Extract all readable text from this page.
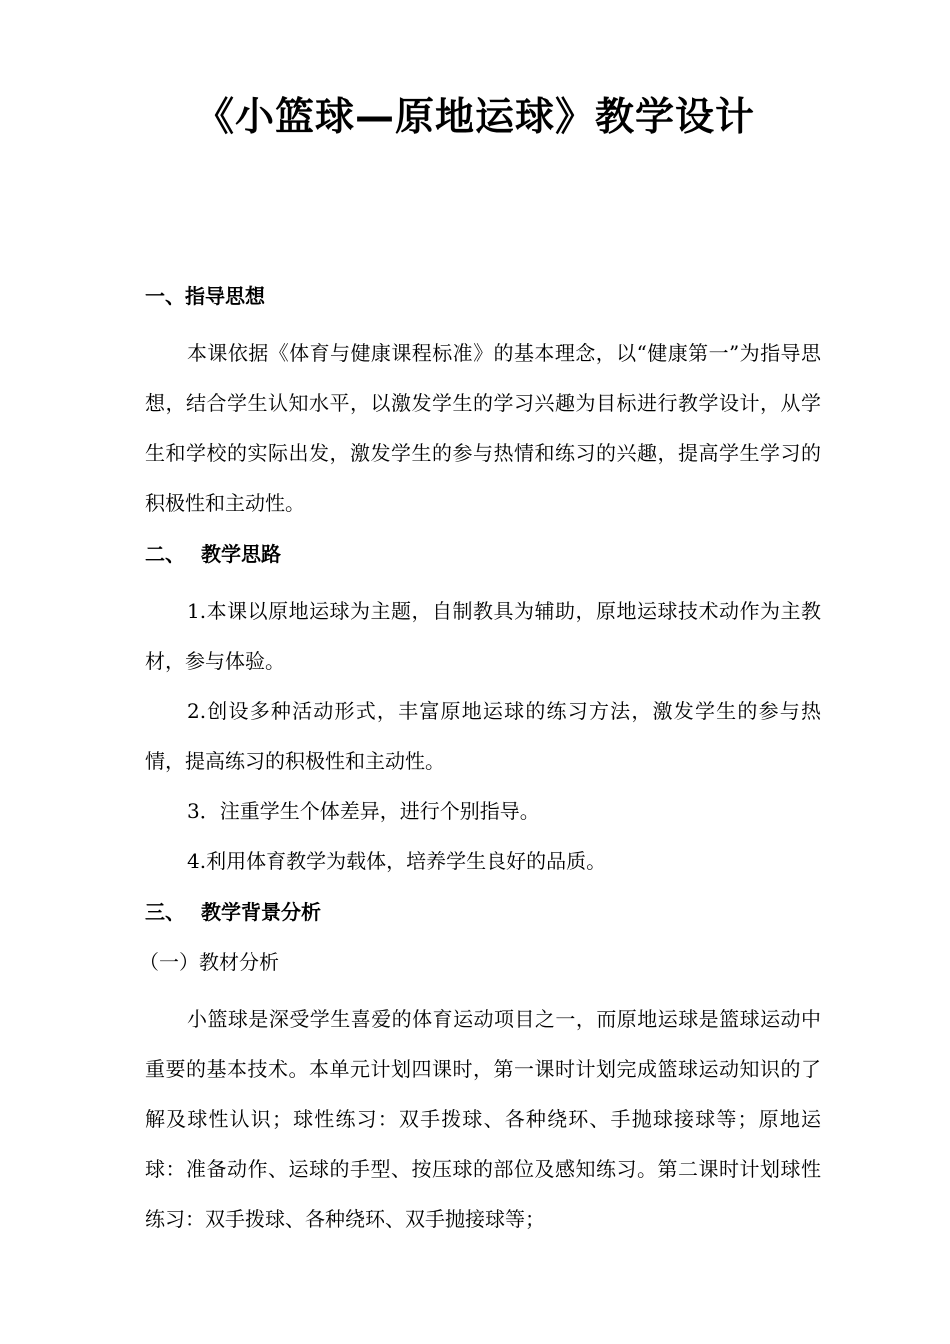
《小篮球—原地运球》教学设计
一、指导思想

本课依据《体育与健康课程标准》的基本理念，以“健康第一”为指导思想，结合学生认知水平，以激发学生的学习兴趣为目标进行教学设计，从学生和学校的实际出发，激发学生的参与热情和练习的兴趣，提高学生学习的积极性和主动性。

二、 教学思路

1.本课以原地运球为主题，自制教具为辅助，原地运球技术动作为主教材，参与体验。

2.创设多种活动形式，丰富原地运球的练习方法，激发学生的参与热情，提高练习的积极性和主动性。

3．注重学生个体差异，进行个别指导。

4.利用体育教学为载体，培养学生良好的品质。

三、 教学背景分析
（一）教材分析

小篮球是深受学生喜爱的体育运动项目之一，而原地运球是篮球运动中重要的基本技术。本单元计划四课时，第一课时计划完成篮球运动知识的了解及球性认识；球性练习：双手拨球、各种绕环、手抛球接球等；原地运球：准备动作、运球的手型、按压球的部位及感知练习。第二课时计划球性练习：双手拨球、各种绕环、双手抛接球等；
